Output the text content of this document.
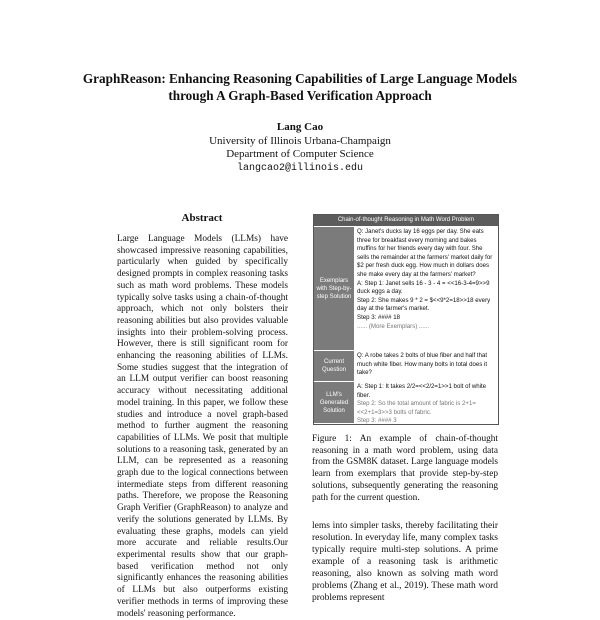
GraphReason: Enhancing Reasoning Capabilities of Large Language Models through A Graph-Based Verification Approach
Lang Cao
University of Illinois Urbana-Champaign
Department of Computer Science
langcao2@illinois.edu
Abstract

Large Language Models (LLMs) have showcased impressive reasoning capabilities, particularly when guided by specifically designed prompts in complex reasoning tasks such as math word problems. These models typically solve tasks using a chain-of-thought approach, which not only bolsters their reasoning abilities but also provides valuable insights into their problem-solving process. However, there is still significant room for enhancing the reasoning abilities of LLMs. Some studies suggest that the integration of an LLM output verifier can boost reasoning accuracy without necessitating additional model training. In this paper, we follow these studies and introduce a novel graph-based method to further augment the reasoning capabilities of LLMs. We posit that multiple solutions to a reasoning task, generated by an LLM, can be represented as a reasoning graph due to the logical connections between intermediate steps from different reasoning paths. Therefore, we propose the Reasoning Graph Verifier (GraphReason) to analyze and verify the solutions generated by LLMs. By evaluating these graphs, models can yield more accurate and reliable results.Our experimental results show that our graph-based verification method not only significantly enhances the reasoning abilities of LLMs but also outperforms existing verifier methods in terms of improving these models' reasoning performance.

Chain-of-thought Reasoning in Math Word Problem
Exemplars with Step-by-step Solution
Q: Janet's ducks lay 16 eggs per day. She eats three for breakfast every morning and bakes muffins for her friends every day with four. She sells the remainder at the farmers' market daily for $2 per fresh duck egg. How much in dollars does she make every day at the farmers' market?
A: Step 1: Janet sells 16 - 3 - 4 = <<16-3-4=9>>9 duck eggs a day.
Step 2: She makes 9 * 2 = $<<9*2=18>>18 every day at the farmer's market.
Step 3: #### 18
...... (More Exemplars) ......
Current Question
Q: A robe takes 2 bolts of blue fiber and half that much white fiber. How many bolts in total does it take?
LLM's Generated Solution
A: Step 1: It takes 2/2=<<2/2=1>>1 bolt of white fiber.
Step 2: So the total amount of fabric is 2+1=<<2+1=3>>3 bolts of fabric.
Step 3: #### 3
Figure 1: An example of chain-of-thought reasoning in a math word problem, using data from the GSM8K dataset. Large language models learn from exemplars that provide step-by-step solutions, subsequently generating the reasoning path for the current question.
lems into simpler tasks, thereby facilitating their resolution. In everyday life, many complex tasks typically require multi-step solutions. A prime example of a reasoning task is arithmetic reasoning, also known as solving math word problems (Zhang et al., 2019). These math word problems represent
